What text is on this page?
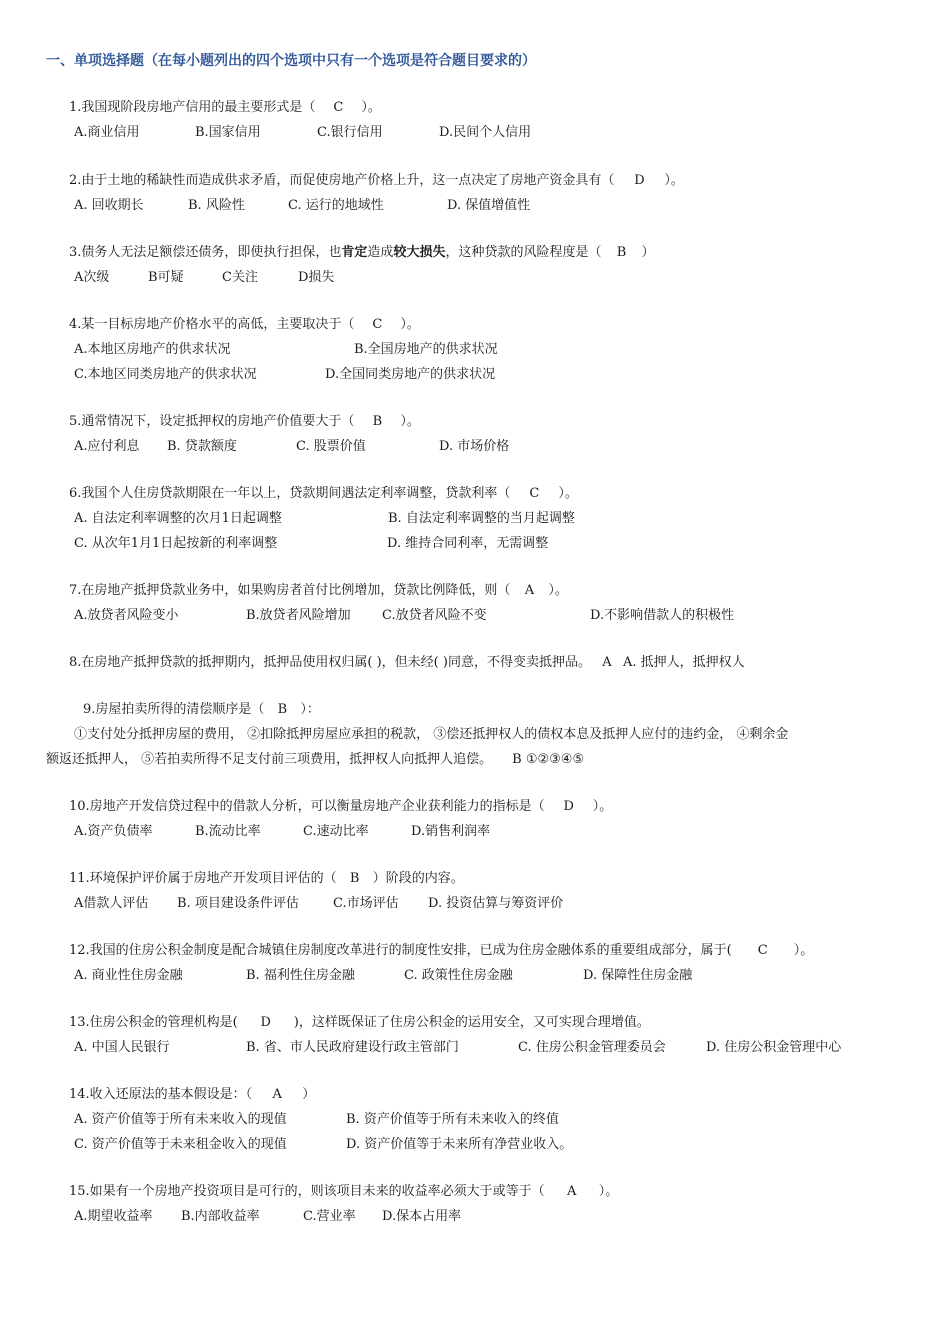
一、单项选择题（在每小题列出的四个选项中只有一个选项是符合题目要求的）
1.我国现阶段房地产信用的最主要形式是（ C ）。
A.商业信用	B.国家信用	C.银行信用	D.民间个人信用
2.由于土地的稀缺性而造成供求矛盾，而促使房地产价格上升，这一点决定了房地产资金具有（ D ）。
A. 回收期长	B. 风险性	C. 运行的地域性	D. 保值增值性
3.债务人无法足额偿还债务，即使执行担保，也肯定造成较大损失，这种贷款的风险程度是（ B ）
A次级	B可疑	C关注	D损失
4.某一目标房地产价格水平的高低，主要取决于（ C ）。
A.本地区房地产的供求状况	B.全国房地产的供求状况
C.本地区同类房地产的供求状况	D.全国同类房地产的供求状况
5.通常情况下，设定抵押权的房地产价值要大于（ B ）。
A.应付利息 B. 贷款额度	C. 股票价值	D. 市场价格
6.我国个人住房贷款期限在一年以上，贷款期间遇法定利率调整，贷款利率（ C ）。
A. 自法定利率调整的次月1日起调整	B. 自法定利率调整的当月起调整
C. 从次年1月1日起按新的利率调整	D. 维持合同利率，无需调整
7.在房地产抵押贷款业务中，如果购房者首付比例增加，贷款比例降低，则（ A ）。
A.放贷者风险变小	B.放贷者风险增加 C.放贷者风险不变	D.不影响借款人的积极性
8.在房地产抵押贷款的抵押期内，抵押品使用权归属( )，但未经( )同意，不得变卖抵押品。 A A. 抵押人，抵押权人
9.房屋拍卖所得的清偿顺序是（ B ）：
①支付处分抵押房屋的费用， ②扣除抵押房屋应承担的税款， ③偿还抵押权人的债权本息及抵押人应付的违约金， ④剩余金
额返还抵押人， ⑤若拍卖所得不足支付前三项费用，抵押权人向抵押人追偿。 B ①②③④⑤
10.房地产开发信贷过程中的借款人分析，可以衡量房地产企业获利能力的指标是（ D ）。
A.资产负债率	B.流动比率	C.速动比率	D.销售利润率
11.环境保护评价属于房地产开发项目评估的（ B ）阶段的内容。
A借款人评估 B. 项目建设条件评估	C.市场评估 D. 投资估算与筹资评价
12.我国的住房公积金制度是配合城镇住房制度改革进行的制度性安排，已成为住房金融体系的重要组成部分，属于( C ）。
A. 商业性住房金融	B. 福利性住房金融	C. 政策性住房金融	D. 保障性住房金融
13.住房公积金的管理机构是( D )，这样既保证了住房公积金的运用安全，又可实现合理增值。
A. 中国人民银行	B. 省、市人民政府建设行政主管部门	C. 住房公积金管理委员会	D. 住房公积金管理中心
14.收入还原法的基本假设是：（ A ）
A. 资产价值等于所有未来收入的现值	B. 资产价值等于所有未来收入的终值
C. 资产价值等于未来租金收入的现值	D. 资产价值等于未来所有净营业收入。
15.如果有一个房地产投资项目是可行的，则该项目未来的收益率必须大于或等于（ A ）。
A.期望收益率 B.内部收益率	C.营业率 D.保本占用率
